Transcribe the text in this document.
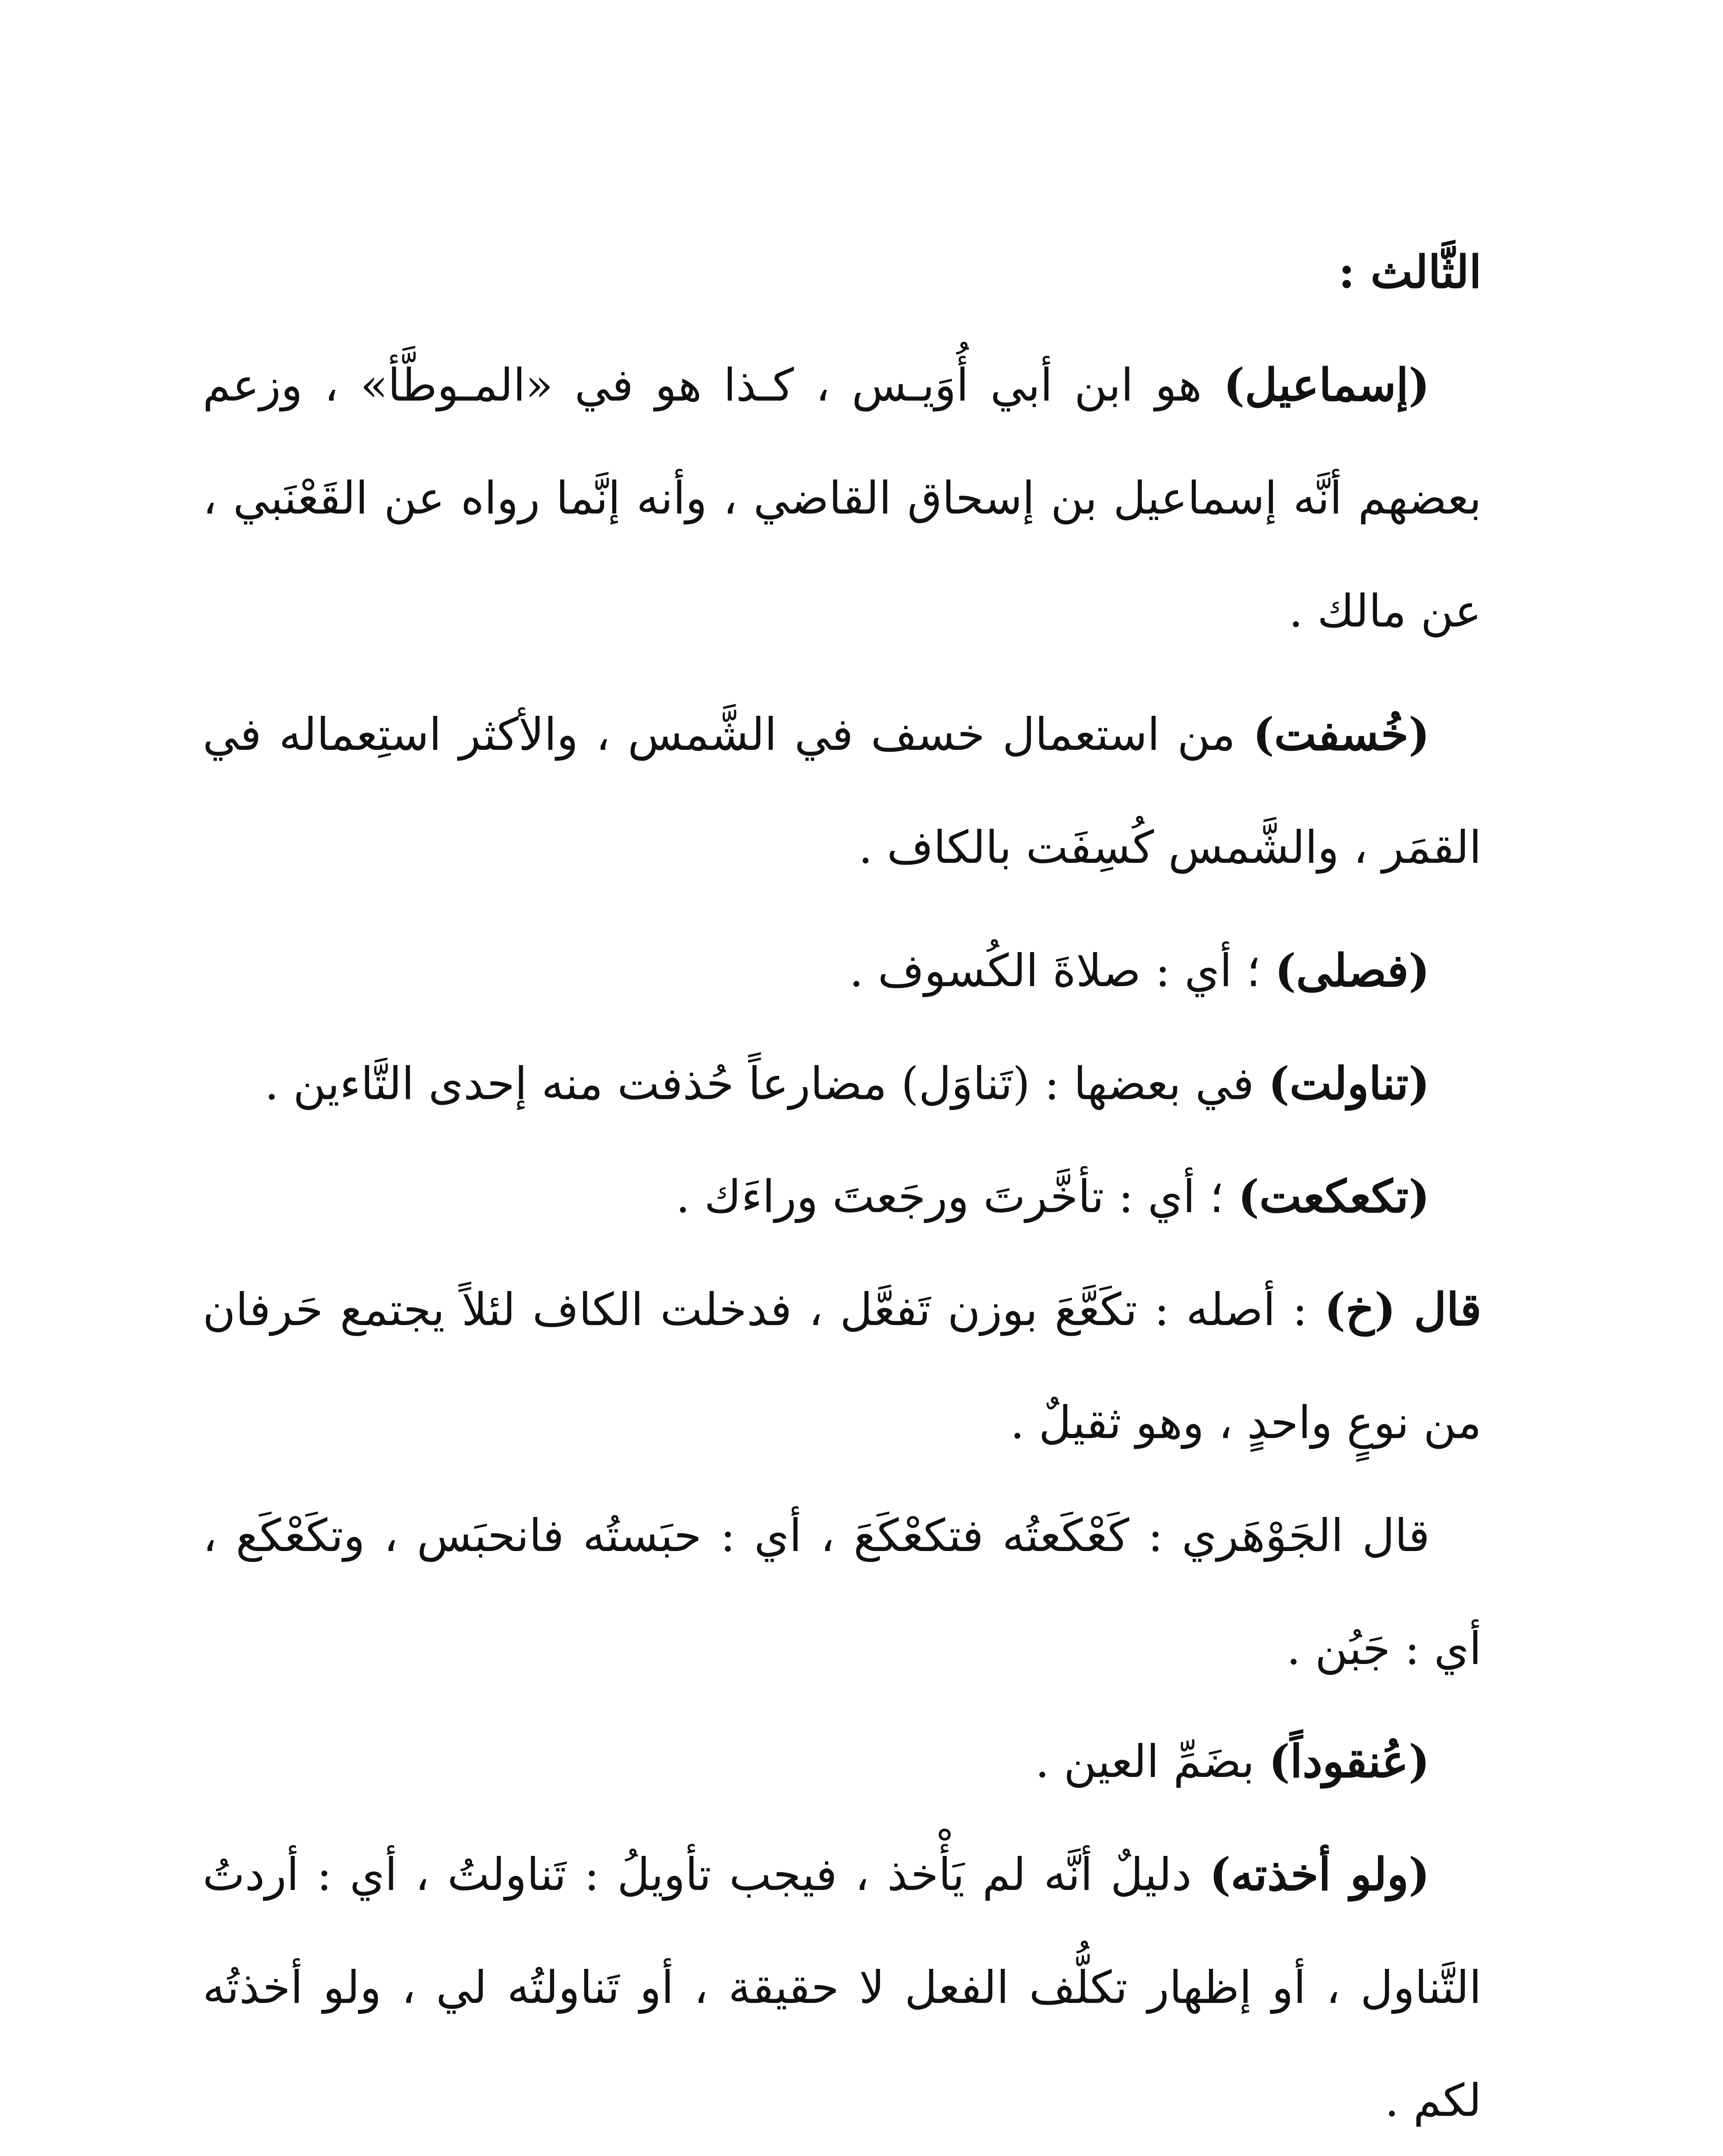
الثَّالث :

(إسماعيل) هو ابن أبي أُوَيـس ، كـذا هو في «المـوطَّأ» ، وزعم بعضهم أنَّه إسماعيل بن إسحاق القاضي ، وأنه إنَّما رواه عن القَعْنَبي ، عن مالك .

(خُسفت) من استعمال خسف في الشَّمس ، والأكثر استِعماله في القمَر ، والشَّمس كُسِفَت بالكاف .

(فصلى) ؛ أي : صلاةَ الكُسوف .

(تناولت) في بعضها : (تَناوَل) مضارعاً حُذفت منه إحدى التَّاءين .

(تكعكعت) ؛ أي : تأخَّرتَ ورجَعتَ وراءَك .

قال (خ) : أصله : تكَعَّعَ بوزن تَفعَّل ، فدخلت الكاف لئلاً يجتمع حَرفان من نوعٍ واحدٍ ، وهو ثقيلٌ .

قال الجَوْهَري : كَعْكَعتُه فتكعْكَعَ ، أي : حبَستُه فانحبَس ، وتكَعْكَع ، أي : جَبُن .

(عُنقوداً) بضَمِّ العين .

(ولو أخذته) دليلٌ أنَّه لم يَأْخذ ، فيجب تأويلُ : تَناولتُ ، أي : أردتُ التَّناول ، أو إظهار تكلُّف الفعل لا حقيقة ، أو تَناولتُه لي ، ولو أخذتُه لكم .
